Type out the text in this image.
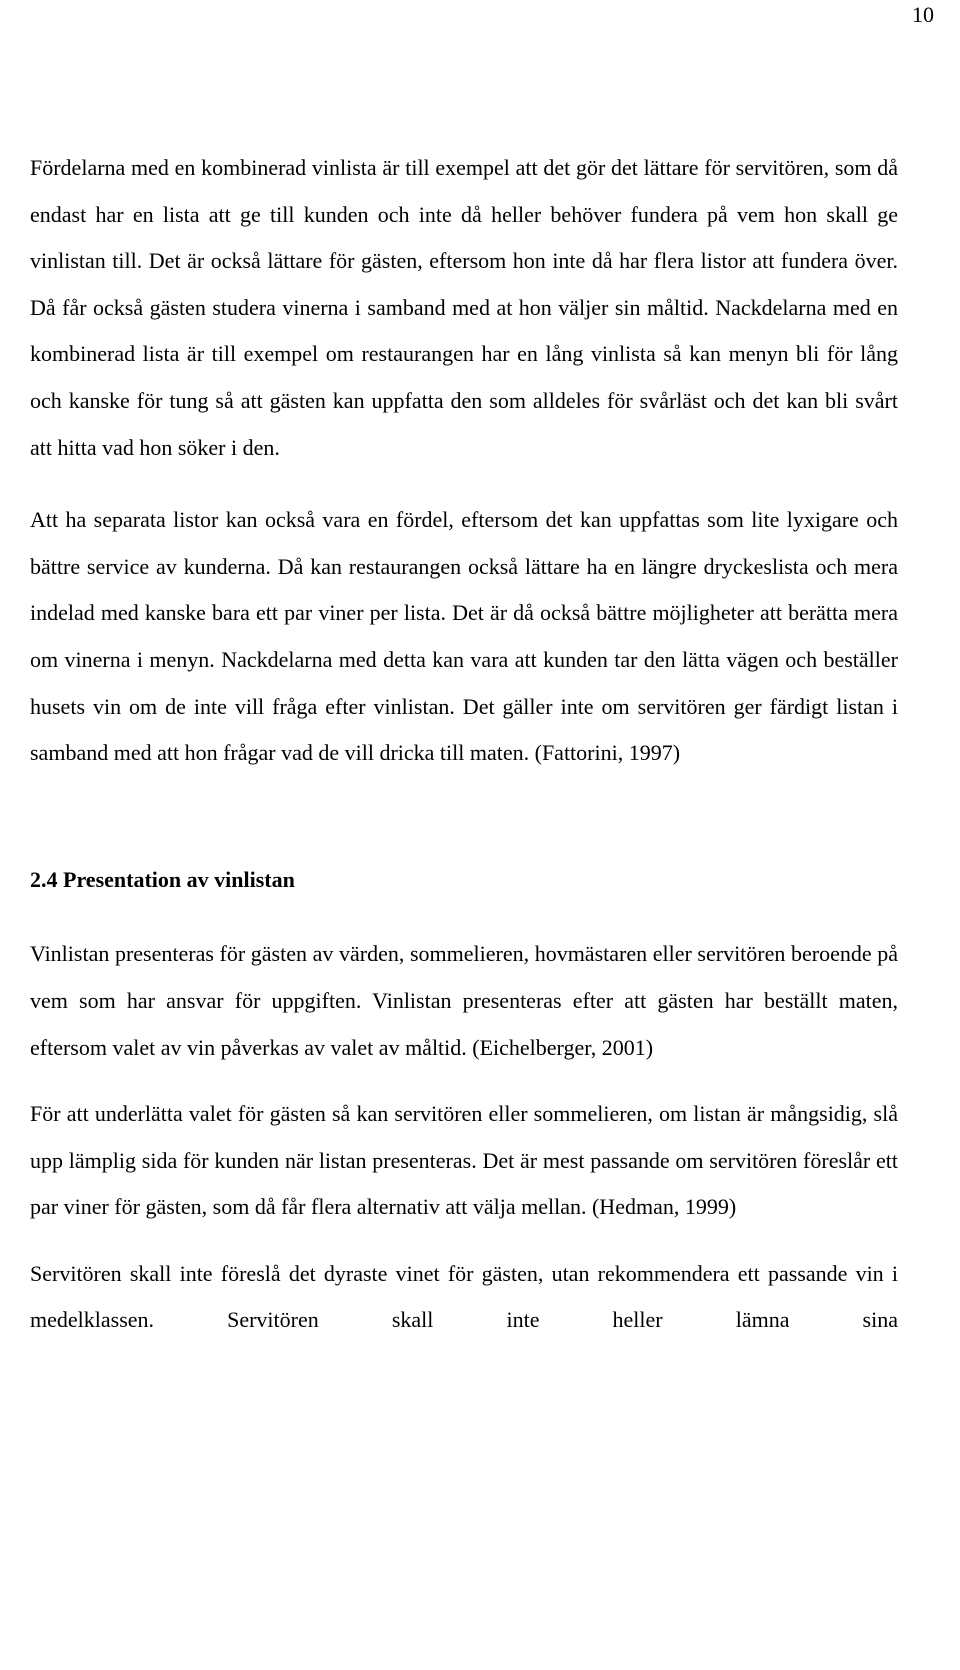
10

Fördelarna med en kombinerad vinlista är till exempel att det gör det lättare för servitören, som då endast har en lista att ge till kunden och inte då heller behöver fundera på vem hon skall ge vinlistan till. Det är också lättare för gästen, eftersom hon inte då har flera listor att fundera över. Då får också gästen studera vinerna i samband med at hon väljer sin måltid. Nackdelarna med en kombinerad lista är till exempel om restaurangen har en lång vinlista så kan menyn bli för lång och kanske för tung så att gästen kan uppfatta den som alldeles för svårläst och det kan bli svårt att hitta vad hon söker i den.

Att ha separata listor kan också vara en fördel, eftersom det kan uppfattas som lite lyxigare och bättre service av kunderna. Då kan restaurangen också lättare ha en längre dryckeslista och mera indelad med kanske bara ett par viner per lista. Det är då också bättre möjligheter att berätta mera om vinerna i menyn. Nackdelarna med detta kan vara att kunden tar den lätta vägen och beställer husets vin om de inte vill fråga efter vinlistan. Det gäller inte om servitören ger färdigt listan i samband med att hon frågar vad de vill dricka till maten. (Fattorini, 1997)

2.4 Presentation av vinlistan

Vinlistan presenteras för gästen av värden, sommelieren, hovmästaren eller servitören beroende på vem som har ansvar för uppgiften. Vinlistan presenteras efter att gästen har beställt maten, eftersom valet av vin påverkas av valet av måltid. (Eichelberger, 2001)

För att underlätta valet för gästen så kan servitören eller sommelieren, om listan är mångsidig, slå upp lämplig sida för kunden när listan presenteras. Det är mest passande om servitören föreslår ett par viner för gästen, som då får flera alternativ att välja mellan. (Hedman, 1999)

Servitören skall inte föreslå det dyraste vinet för gästen, utan rekommendera ett passande vin i medelklassen. Servitören skall inte heller lämna sina
